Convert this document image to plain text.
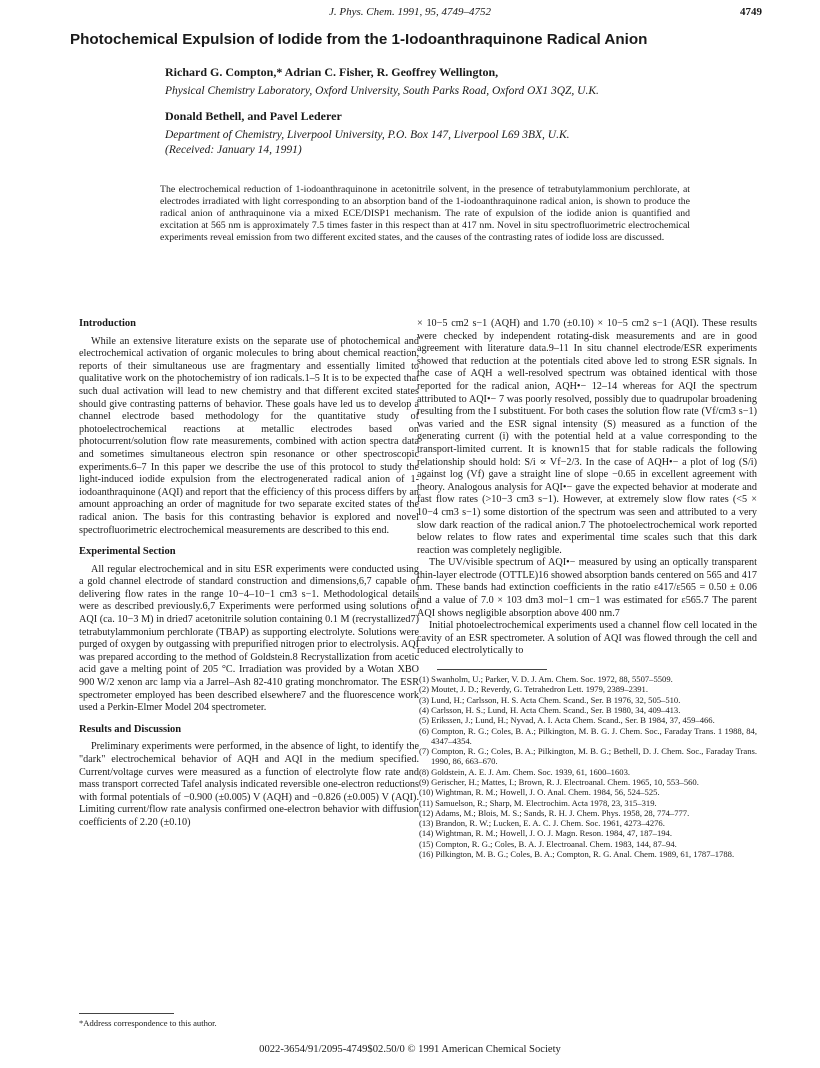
J. Phys. Chem. 1991, 95, 4749–4752	4749
Photochemical Expulsion of Iodide from the 1-Iodoanthraquinone Radical Anion
Richard G. Compton,* Adrian C. Fisher, R. Geoffrey Wellington,
Physical Chemistry Laboratory, Oxford University, South Parks Road, Oxford OX1 3QZ, U.K.
Donald Bethell, and Pavel Lederer
Department of Chemistry, Liverpool University, P.O. Box 147, Liverpool L69 3BX, U.K.
(Received: January 14, 1991)
The electrochemical reduction of 1-iodoanthraquinone in acetonitrile solvent, in the presence of tetrabutylammonium perchlorate, at electrodes irradiated with light corresponding to an absorption band of the 1-iodoanthraquinone radical anion, is shown to produce the radical anion of anthraquinone via a mixed ECE/DISP1 mechanism. The rate of expulsion of the iodide anion is quantified and excitation at 565 nm is approximately 7.5 times faster in this respect than at 417 nm. Novel in situ spectrofluorimetric electrochemical experiments reveal emission from two different excited states, and the causes of the contrasting rates of iodide loss are discussed.
Introduction

While an extensive literature exists on the separate use of photochemical and electrochemical activation of organic molecules to bring about chemical reaction, reports of their simultaneous use are fragmentary and essentially limited to qualitative work on the photochemistry of ion radicals.1–5 It is to be expected that such dual activation will lead to new chemistry and that different excited states should give contrasting patterns of behavior. These goals have led us to develop a channel electrode based methodology for the quantitative study of photoelectrochemical reactions at metallic electrodes based on photocurrent/solution flow rate measurements, combined with action spectra data and sometimes simultaneous electron spin resonance or other spectroscopic experiments.6–7 In this paper we describe the use of this protocol to study the light-induced iodide expulsion from the electrogenerated radical anion of 1-iodoanthraquinone (AQI) and report that the efficiency of this process differs by an amount approaching an order of magnitude for two separate excited states of the radical anion. The basis for this contrasting behavior is explored and novel spectrofluorimetric electrochemical measurements are described to this end.

Experimental Section

All regular electrochemical and in situ ESR experiments were conducted using a gold channel electrode of standard construction and dimensions,6,7 capable of delivering flow rates in the range 10−4–10−1 cm3 s−1. Methodological details were as described previously.6,7 Experiments were performed using solutions of AQI (ca. 10−3 M) in dried7 acetonitrile solution containing 0.1 M (recrystallized7) tetrabutylammonium perchlorate (TBAP) as supporting electrolyte. Solutions were purged of oxygen by outgassing with prepurified nitrogen prior to electrolysis. AQI was prepared according to the method of Goldstein.8 Recrystallization from acetic acid gave a melting point of 205 °C. Irradiation was provided by a Wotan XBO 900 W/2 xenon arc lamp via a Jarrel–Ash 82-410 grating monchromator. The ESR spectrometer employed has been described elsewhere7 and the fluorescence work used a Perkin-Elmer Model 204 spectrometer.

Results and Discussion

Preliminary experiments were performed, in the absence of light, to identify the "dark" electrochemical behavior of AQH and AQI in the medium specified. Current/voltage curves were measured as a function of electrolyte flow rate and mass transport corrected Tafel analysis indicated reversible one-electron reductions with formal potentials of −0.900 (±0.005) V (AQH) and −0.826 (±0.005) V (AQI). Limiting current/flow rate analysis confirmed one-electron behavior with diffusion coefficients of 2.20 (±0.10)

× 10−5 cm2 s−1 (AQH) and 1.70 (±0.10) × 10−5 cm2 s−1 (AQI). These results were checked by independent rotating-disk measurements and are in good agreement with literature data.9–11 In situ channel electrode/ESR experiments showed that reduction at the potentials cited above led to strong ESR signals. In the case of AQH a well-resolved spectrum was obtained identical with those reported for the radical anion, AQH•− 12–14 whereas for AQI the spectrum attributed to AQI•− 7 was poorly resolved, possibly due to quadrupolar broadening resulting from the I substituent. For both cases the solution flow rate (Vf/cm3 s−1) was varied and the ESR signal intensity (S) measured as a function of the generating current (i) with the potential held at a value corresponding to the transport-limited current. It is known15 that for stable radicals the following relationship should hold: S/i ∝ Vf−2/3. In the case of AQH•− a plot of log (S/i) against log (Vf) gave a straight line of slope −0.65 in excellent agreement with theory. Analogous analysis for AQI•− gave the expected behavior at moderate and fast flow rates (>10−3 cm3 s−1). However, at extremely slow flow rates (<5 × 10−4 cm3 s−1) some distortion of the spectrum was seen and attributed to a very slow dark reaction of the radical anion.7 The photoelectrochemical work reported below relates to flow rates and experimental time scales such that this dark reaction was completely negligible.

The UV/visible spectrum of AQI•− measured by using an optically transparent thin-layer electrode (OTTLE)16 showed absorption bands centered on 565 and 417 nm. These bands had extinction coefficients in the ratio ε417/ε565 = 0.50 ± 0.06 and a value of 7.0 × 103 dm3 mol−1 cm−1 was estimated for ε565.7 The parent AQI shows negligible absorption above 400 nm.7

Initial photoelectrochemical experiments used a channel flow cell located in the cavity of an ESR spectrometer. A solution of AQI was flowed through the cell and reduced electrolytically to

(1) Swanholm, U.; Parker, V. D. J. Am. Chem. Soc. 1972, 88, 5507–5509.

(2) Moutet, J. D.; Reverdy, G. Tetrahedron Lett. 1979, 2389–2391.

(3) Lund, H.; Carlsson, H. S. Acta Chem. Scand., Ser. B 1976, 32, 505–510.

(4) Carlsson, H. S.; Lund, H. Acta Chem. Scand., Ser. B 1980, 34, 409–413.

(5) Erikssen, J.; Lund, H.; Nyvad, A. I. Acta Chem. Scand., Ser. B 1984, 37, 459–466.

(6) Compton, R. G.; Coles, B. A.; Pilkington, M. B. G. J. Chem. Soc., Faraday Trans. 1 1988, 84, 4347–4354.

(7) Compton, R. G.; Coles, B. A.; Pilkington, M. B. G.; Bethell, D. J. Chem. Soc., Faraday Trans. 1990, 86, 663–670.

(8) Goldstein, A. E. J. Am. Chem. Soc. 1939, 61, 1600–1603.

(9) Gerischer, H.; Mattes, I.; Brown, R. J. Electroanal. Chem. 1965, 10, 553–560.

(10) Wightman, R. M.; Howell, J. O. Anal. Chem. 1984, 56, 524–525.

(11) Samuelson, R.; Sharp, M. Electrochim. Acta 1978, 23, 315–319.

(12) Adams, M.; Blois, M. S.; Sands, R. H. J. Chem. Phys. 1958, 28, 774–777.

(13) Brandon, R. W.; Lucken, E. A. C. J. Chem. Soc. 1961, 4273–4276.

(14) Wightman, R. M.; Howell, J. O. J. Magn. Reson. 1984, 47, 187–194.

(15) Compton, R. G.; Coles, B. A. J. Electroanal. Chem. 1983, 144, 87–94.

(16) Pilkington, M. B. G.; Coles, B. A.; Compton, R. G. Anal. Chem. 1989, 61, 1787–1788.

*Address correspondence to this author.
0022-3654/91/2095-4749$02.50/0 © 1991 American Chemical Society
